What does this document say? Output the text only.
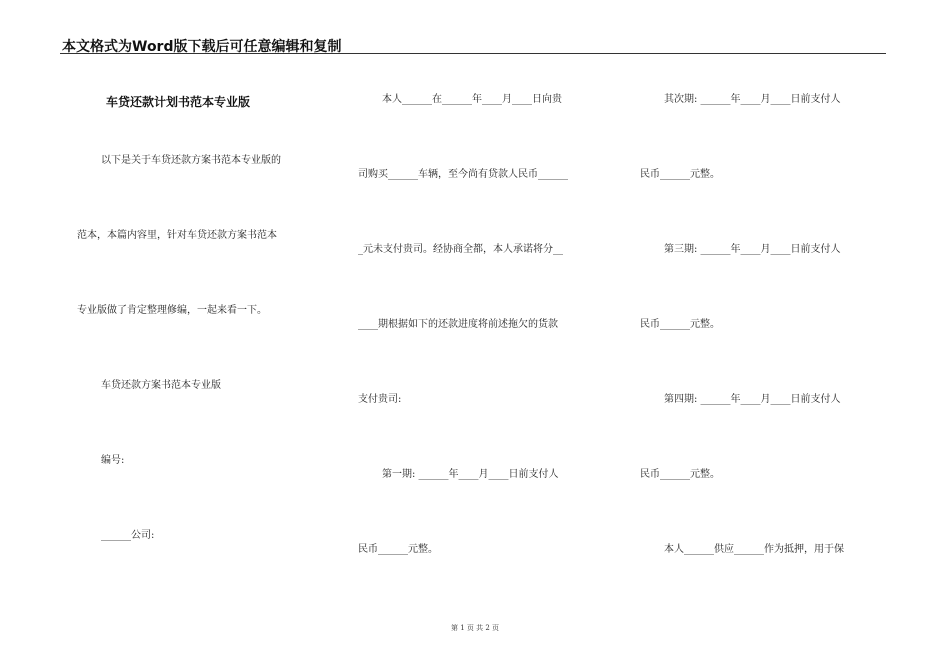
本文格式为Word版下载后可任意编辑和复制
车贷还款计划书范本专业版
以下是关于车贷还款方案书范本专业版的
范本，本篇内容里，针对车贷还款方案书范本
专业版做了肯定整理修编，一起来看一下。
车贷还款方案书范本专业版
编号:
______公司:
本人______在______年____月____日向贵
司购买______车辆，至今尚有贷款人民币______
_元未支付贵司。经协商全都，本人承诺将分__
____期根据如下的还款进度将前述拖欠的货款
支付贵司:
第一期: ______年____月____日前支付人
民币______元整。
其次期: ______年____月____日前支付人
民币______元整。
第三期: ______年____月____日前支付人
民币______元整。
第四期: ______年____月____日前支付人
民币______元整。
本人______供应______作为抵押，用于保
第 1 页 共 2 页
